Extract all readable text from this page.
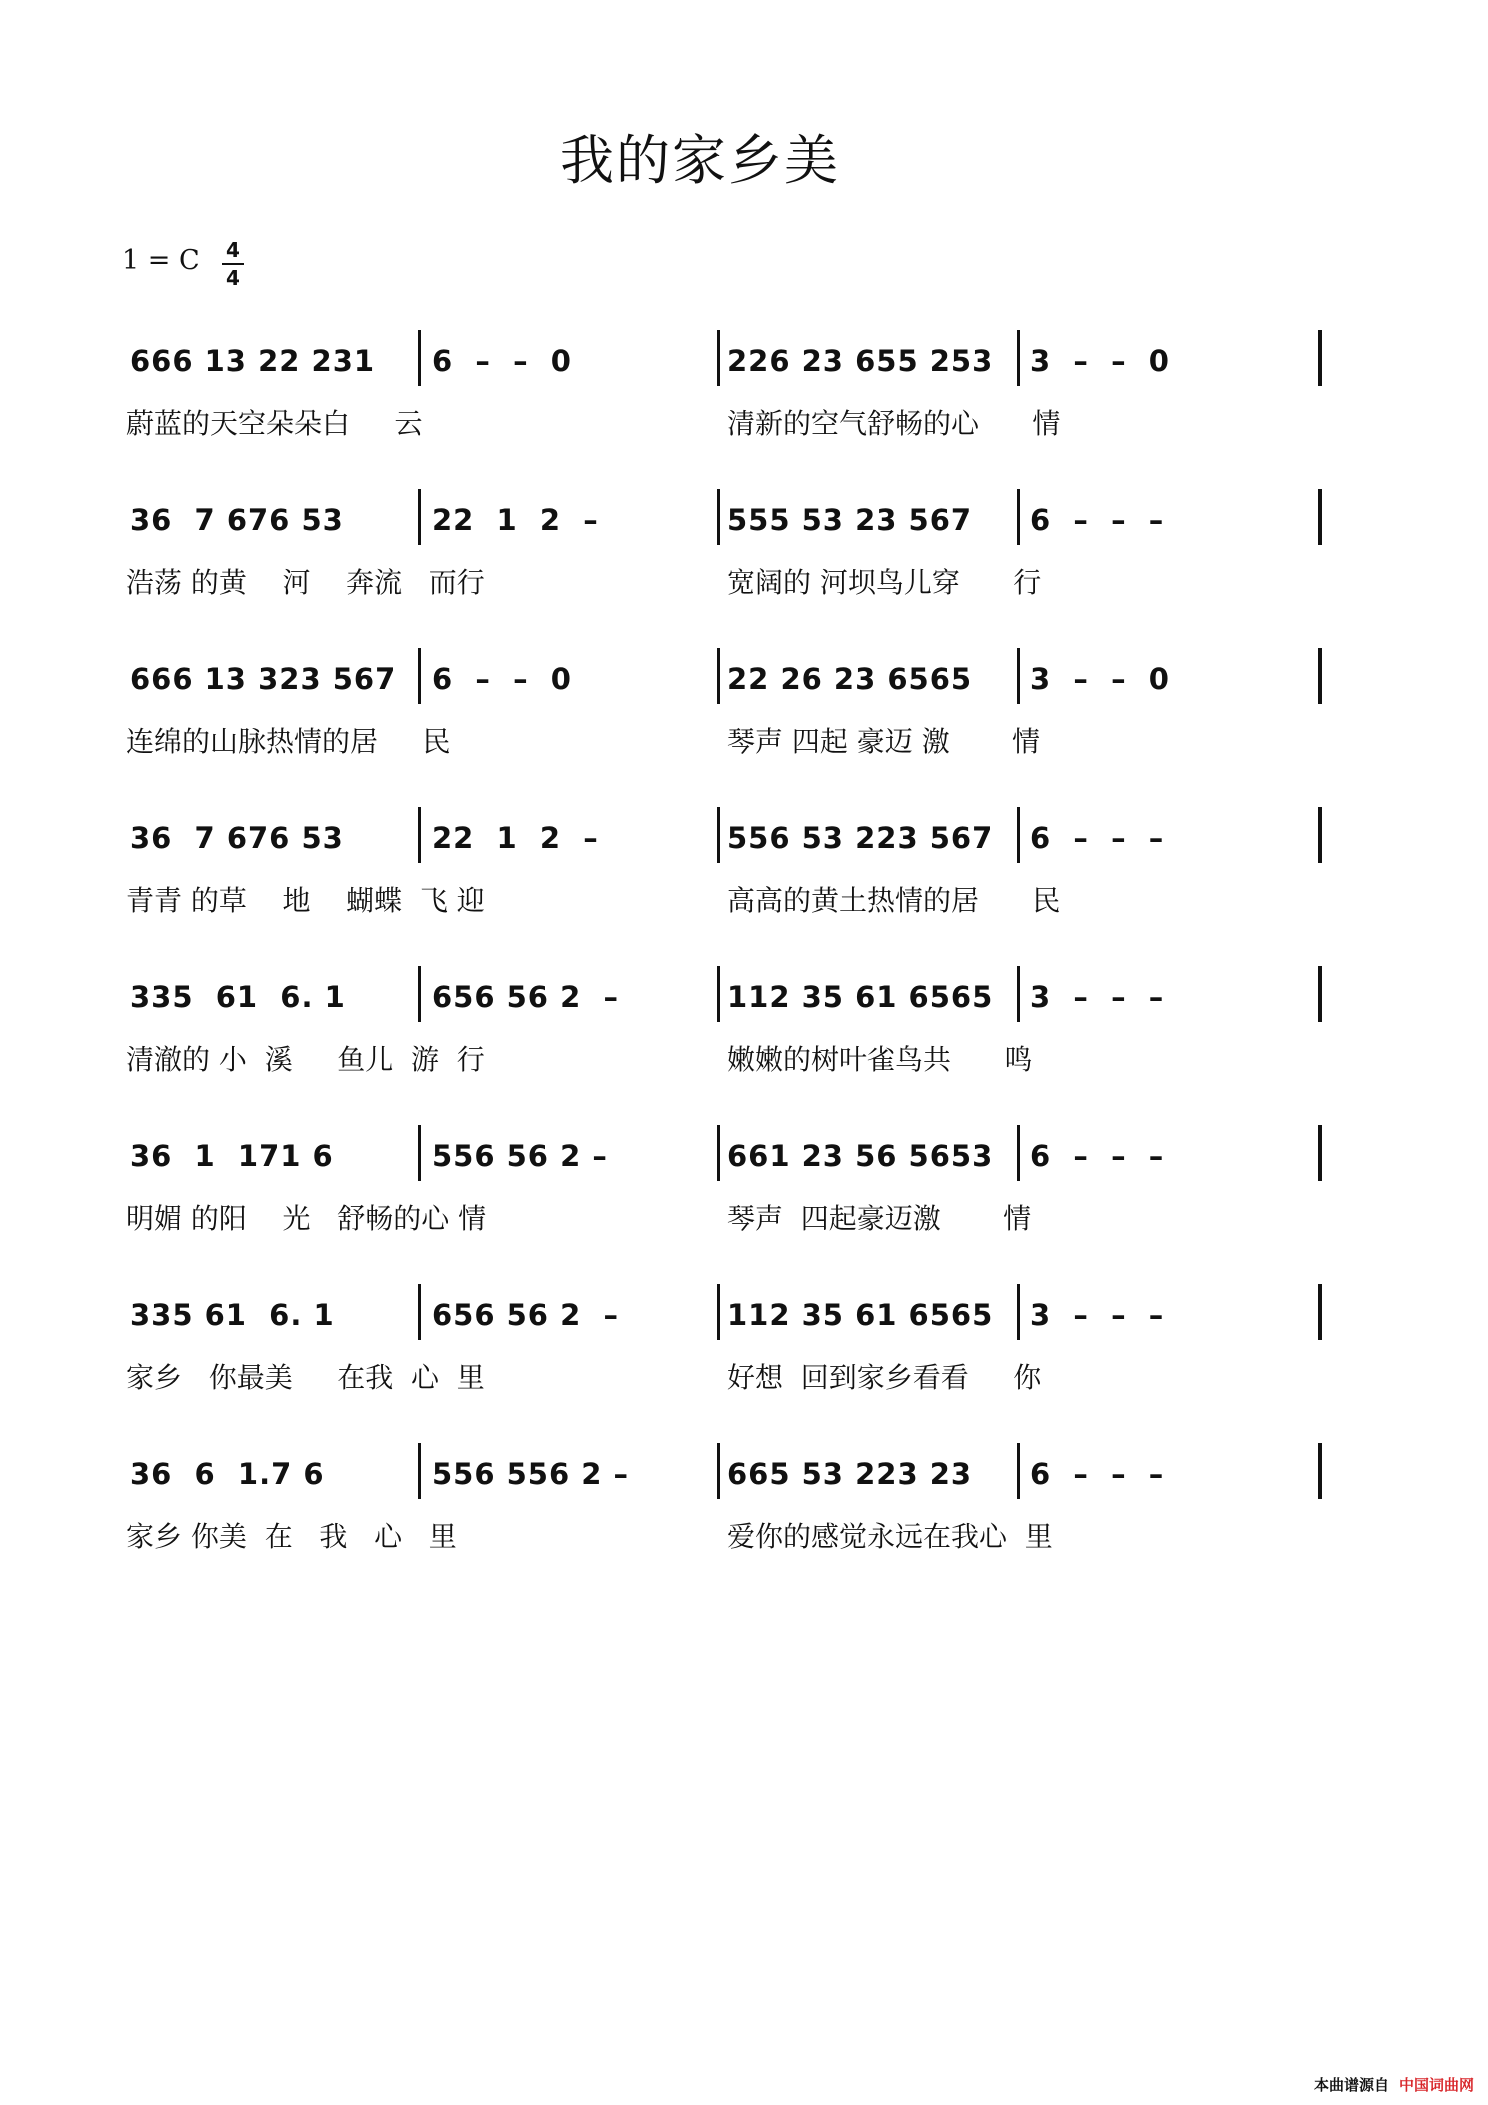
我的家乡美
1 = C 4
4
666 13 22 231 6  –  –  0	226 23 655 253 3  –  –  0
蔚蓝的天空朵朵白     云	清新的空气舒畅的心      情
36  7 676 53	22  1  2  –	555 53 23 567 6  –  –  –
浩荡 的黄    河    奔流   而行	宽阔的 河坝鸟儿穿      行
666 13 323 567 6  –  –  0	22 26 23 6565 3  –  –  0
连绵的山脉热情的居     民	琴声 四起 豪迈 激       情
36  7 676 53	22  1  2  –	556 53 223 567 6  –  –  –
青青 的草    地    蝴蝶  飞 迎	高高的黄土热情的居      民
335  61  6. 1	656 56 2  –	112 35 61 6565 3  –  –  –
清澈的 小  溪     鱼儿  游  行	嫩嫩的树叶雀鸟共      鸣
36  1  171 6	556 56 2 –	661 23 56 5653 6  –  –  –
明媚 的阳    光   舒畅的心 情	琴声  四起豪迈激       情
335 61  6. 1	656 56 2  –	112 35 61 6565 3  –  –  –
家乡   你最美     在我  心  里	好想  回到家乡看看     你
36  6  1.7 6	556 556 2 –	665 53 223 23 6  –  –  –
家乡 你美  在   我   心   里	爱你的感觉永远在我心  里
本曲谱源自 中国词曲网
